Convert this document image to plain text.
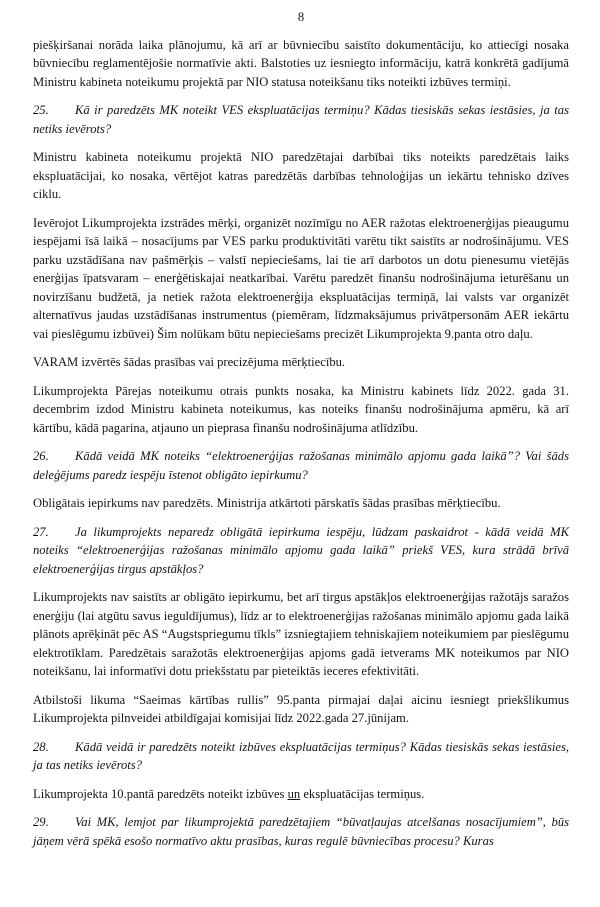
8

piešķiršanai norāda laika plānojumu, kā arī ar būvniecību saistīto dokumentāciju, ko attiecīgi nosaka būvniecību reglamentējošie normatīvie akti. Balstoties uz iesniegto informāciju, katrā konkrētā gadījumā Ministru kabineta noteikumu projektā par NIO statusa noteikšanu tiks noteikti izbūves termiņi.

25. Kā ir paredzēts MK noteikt VES ekspluatācijas termiņu? Kādas tiesiskās sekas iestāsies, ja tas netiks ievērots?

Ministru kabineta noteikumu projektā NIO paredzētajai darbībai tiks noteikts paredzētais laiks ekspluatācijai, ko nosaka, vērtējot katras paredzētās darbības tehnoloģijas un iekārtu tehnisko dzīves ciklu.

Ievērojot Likumprojekta izstrādes mērķi, organizēt nozīmīgu no AER ražotas elektroenerģijas pieaugumu iespējami īsā laikā – nosacījums par VES parku produktivitāti varētu tikt saistīts ar nodrošinājumu. VES parku uzstādīšana nav pašmērķis – valstī nepieciešams, lai tie arī darbotos un dotu pienesumu vietējās enerģijas īpatsvaram – enerģētiskajai neatkarībai. Varētu paredzēt finanšu nodrošinājuma ieturēšanu un novirzīšanu budžetā, ja netiek ražota elektroenerģija ekspluatācijas termiņā, lai valsts var organizēt alternatīvus jaudas uzstādīšanas instrumentus (piemēram, līdzmaksājumus privātpersonām AER iekārtu vai pieslēgumu izbūvei) Šim nolūkam būtu nepieciešams precizēt Likumprojekta 9.panta otro daļu.

VARAM izvērtēs šādas prasības vai precizējuma mērķtiecību.

Likumprojekta Pārejas noteikumu otrais punkts nosaka, ka Ministru kabinets līdz 2022. gada 31. decembrim izdod Ministru kabineta noteikumus, kas noteiks finanšu nodrošinājuma apmēru, kā arī kārtību, kādā pagarina, atjauno un pieprasa finanšu nodrošinājuma atlīdzību.

26. Kādā veidā MK noteiks “elektroenerģijas ražošanas minimālo apjomu gada laikā”? Vai šāds deleģējums paredz iespēju īstenot obligāto iepirkumu?

Obligātais iepirkums nav paredzēts. Ministrija atkārtoti pārskatīs šādas prasības mērķtiecību.

27. Ja likumprojekts neparedz obligātā iepirkuma iespēju, lūdzam paskaidrot - kādā veidā MK noteiks “elektroenerģijas ražošanas minimālo apjomu gada laikā” priekš VES, kura strādā brīvā elektroenerģijas tirgus apstākļos?

Likumprojekts nav saistīts ar obligāto iepirkumu, bet arī tirgus apstākļos elektroenerģijas ražotājs saražos enerģiju (lai atgūtu savus ieguldījumus), līdz ar to elektroenerģijas ražošanas minimālo apjomu gada laikā plānots aprēķināt pēc AS “Augstspriegumu tīkls” izsniegtajiem tehniskajiem noteikumiem par pieslēgumu elektrotīklam. Paredzētais saražotās elektroenerģijas apjoms gadā ietverams MK noteikumos par NIO noteikšanu, lai informatīvi dotu priekšstatu par pieteiktās ieceres efektivitāti.

Atbilstoši likuma “Saeimas kārtības rullis” 95.panta pirmajai daļai aicinu iesniegt priekšlikumus Likumprojekta pilnveidei atbildīgajai komisijai līdz 2022.gada 27.jūnijam.

28. Kādā veidā ir paredzēts noteikt izbūves ekspluatācijas termiņus? Kādas tiesiskās sekas iestāsies, ja tas netiks ievērots?

Likumprojekta 10.pantā paredzēts noteikt izbūves un ekspluatācijas termiņus.

29. Vai MK, lemjot par likumprojektā paredzētajiem “būvatļaujas atcelšanas nosacījumiem”, būs jāņem vērā spēkā esošo normatīvo aktu prasības, kuras regulē būvniecības procesu? Kuras
